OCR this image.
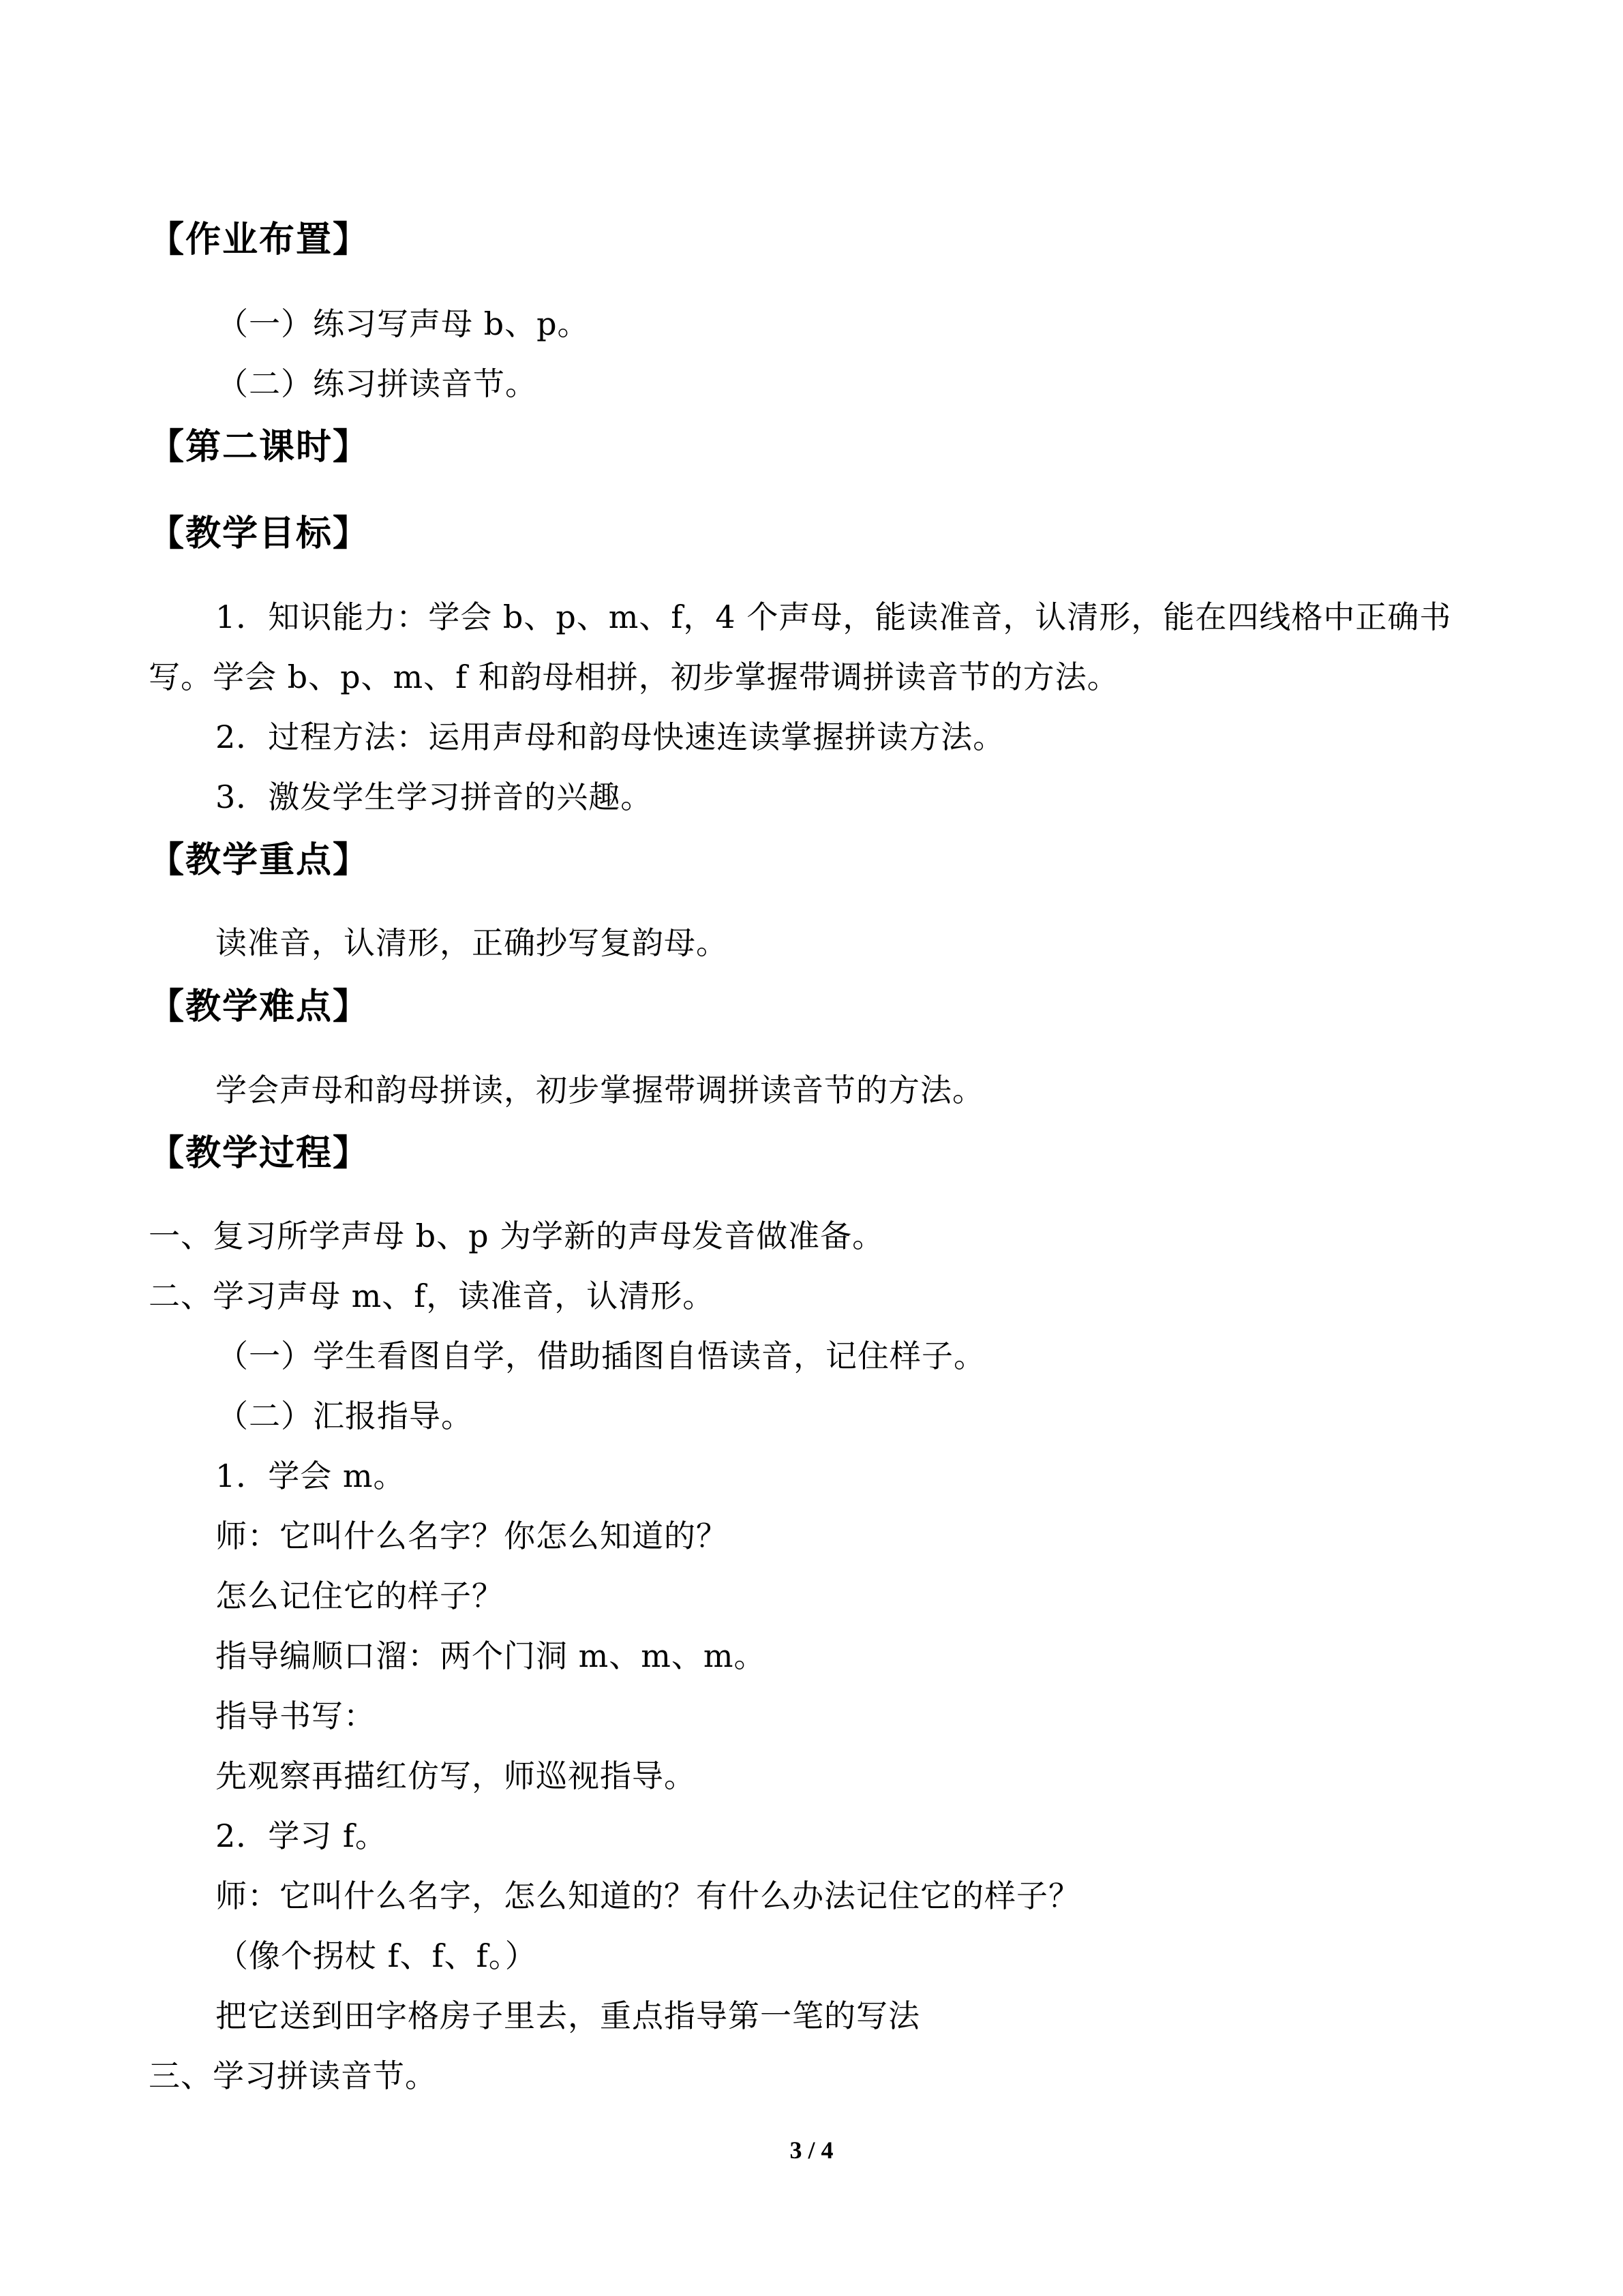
【作业布置】
（一）练习写声母 b、p。
（二）练习拼读音节。
【第二课时】
【教学目标】
1．知识能力：学会 b、p、m、f，4 个声母，能读准音，认清形，能在四线格中正确书
写。学会 b、p、m、f 和韵母相拼，初步掌握带调拼读音节的方法。
2．过程方法：运用声母和韵母快速连读掌握拼读方法。
3．激发学生学习拼音的兴趣。
【教学重点】
读准音，认清形，正确抄写复韵母。
【教学难点】
学会声母和韵母拼读，初步掌握带调拼读音节的方法。
【教学过程】
一、复习所学声母 b、p 为学新的声母发音做准备。
二、学习声母 m、f，读准音，认清形。
（一）学生看图自学，借助插图自悟读音，记住样子。
（二）汇报指导。
1．学会 m。
师：它叫什么名字？你怎么知道的？
怎么记住它的样子？
指导编顺口溜：两个门洞 m、m、m。
指导书写：
先观察再描红仿写，师巡视指导。
2．学习 f。
师：它叫什么名字，怎么知道的？有什么办法记住它的样子？
（像个拐杖 f、f、f。）
把它送到田字格房子里去，重点指导第一笔的写法
三、学习拼读音节。
3 / 4
